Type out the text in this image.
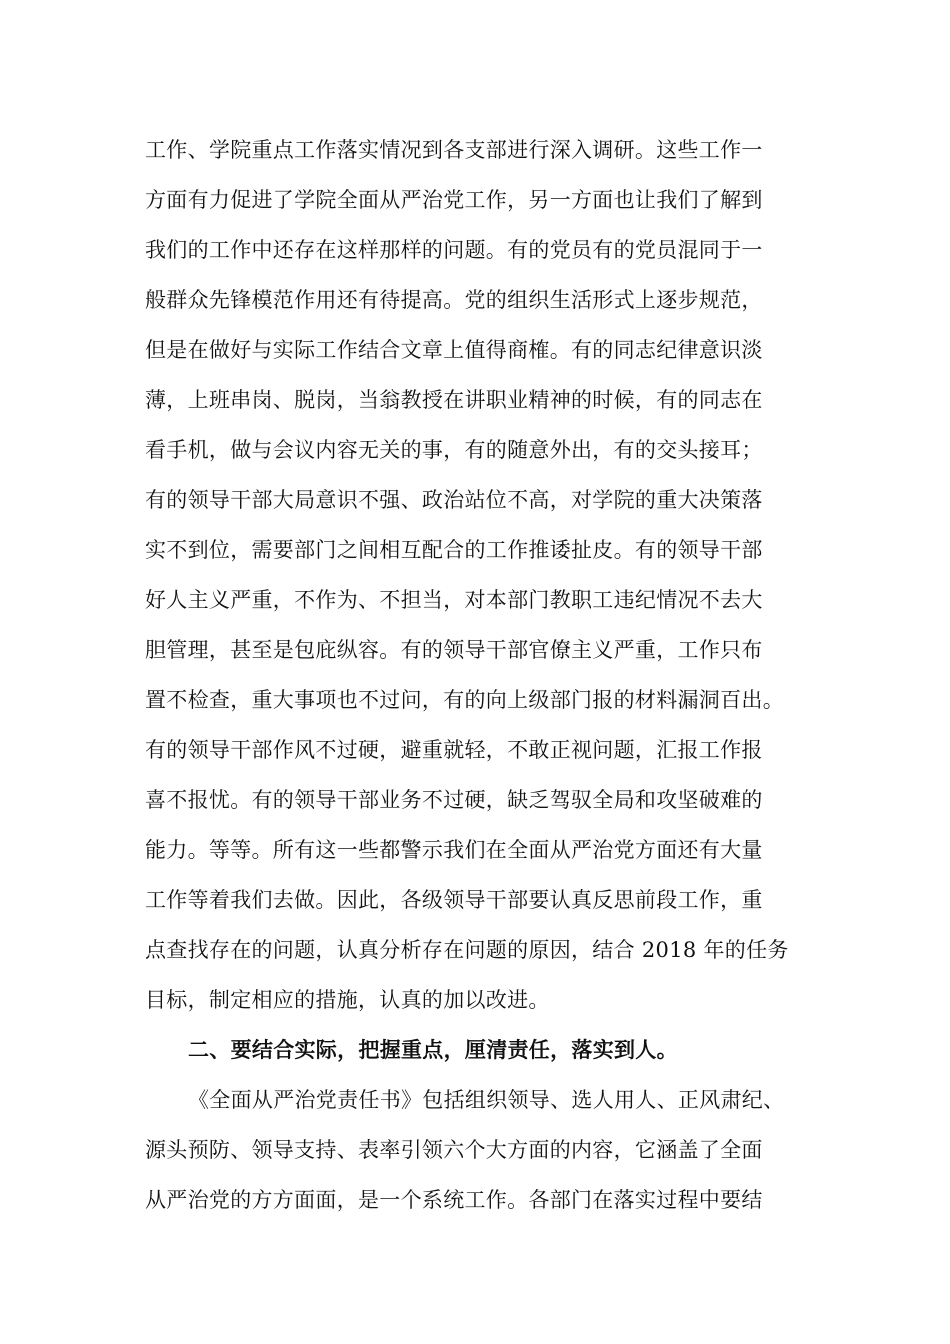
工作、学院重点工作落实情况到各支部进行深入调研。这些工作一
方面有力促进了学院全面从严治党工作，另一方面也让我们了解到
我们的工作中还存在这样那样的问题。有的党员有的党员混同于一
般群众先锋模范作用还有待提高。党的组织生活形式上逐步规范，
但是在做好与实际工作结合文章上值得商榷。有的同志纪律意识淡
薄，上班串岗、脱岗，当翁教授在讲职业精神的时候，有的同志在
看手机，做与会议内容无关的事，有的随意外出，有的交头接耳；
有的领导干部大局意识不强、政治站位不高，对学院的重大决策落
实不到位，需要部门之间相互配合的工作推诿扯皮。有的领导干部
好人主义严重，不作为、不担当，对本部门教职工违纪情况不去大
胆管理，甚至是包庇纵容。有的领导干部官僚主义严重，工作只布
置不检查，重大事项也不过问，有的向上级部门报的材料漏洞百出。
有的领导干部作风不过硬，避重就轻，不敢正视问题，汇报工作报
喜不报忧。有的领导干部业务不过硬，缺乏驾驭全局和攻坚破难的
能力。等等。所有这一些都警示我们在全面从严治党方面还有大量
工作等着我们去做。因此，各级领导干部要认真反思前段工作，重
点查找存在的问题，认真分析存在问题的原因，结合 2018 年的任务
目标，制定相应的措施，认真的加以改进。
二、要结合实际，把握重点，厘清责任，落实到人。
《全面从严治党责任书》包括组织领导、选人用人、正风肃纪、
源头预防、领导支持、表率引领六个大方面的内容，它涵盖了全面
从严治党的方方面面，是一个系统工作。各部门在落实过程中要结
